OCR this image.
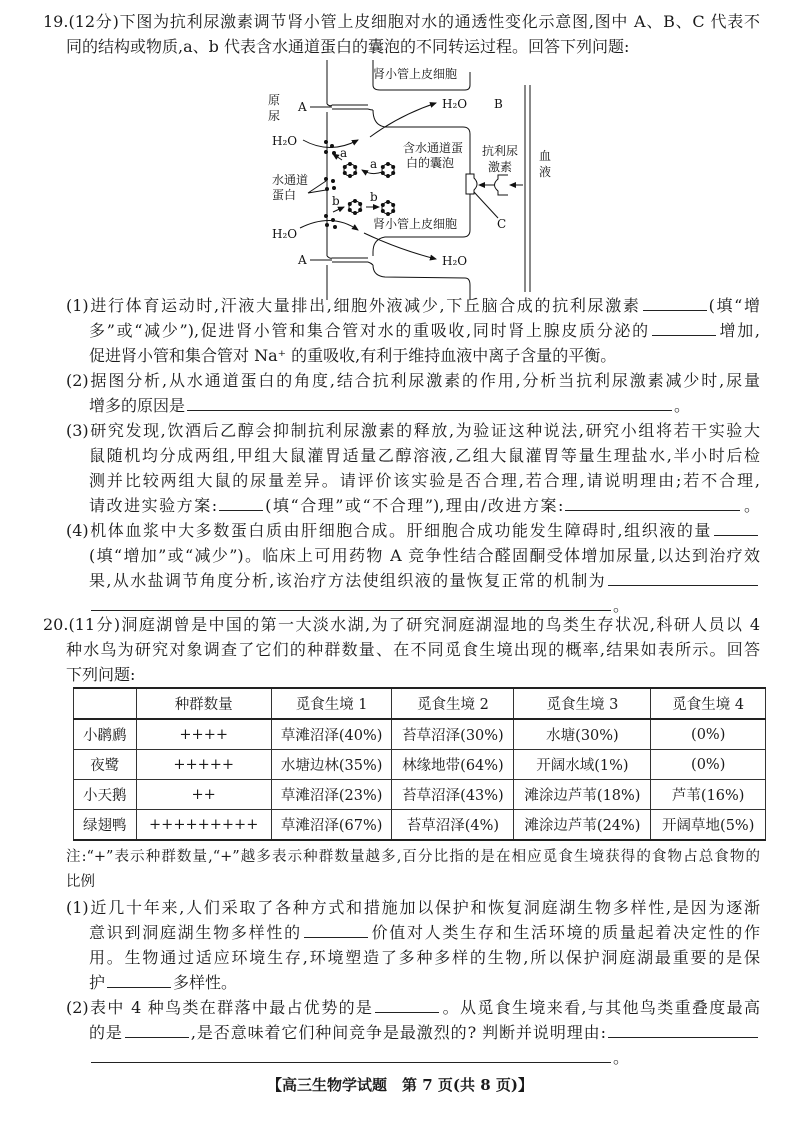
19.(12分)下图为抗利尿激素调节肾小管上皮细胞对水的通透性变化示意图,图中 A、B、C 代表不
同的结构或物质,a、b 代表含水通道蛋白的囊泡的不同转运过程。回答下列问题:
肾小管上皮细胞
原
尿
A
A
H₂O B
H₂O
a
a
含水通道蛋
白的囊泡
抗利尿
激素
血
液
水通道
蛋白	b	b
肾小管上皮细胞
H₂O
H₂O
C
(1)进行体育运动时,汗液大量排出,细胞外液减少,下丘脑合成的抗利尿激素	(填“增
多”或“减少”),促进肾小管和集合管对水的重吸收,同时肾上腺皮质分泌的	增加,
促进肾小管和集合管对 Na⁺ 的重吸收,有利于维持血液中离子含量的平衡。
(2)据图分析,从水通道蛋白的角度,结合抗利尿激素的作用,分析当抗利尿激素减少时,尿量
增多的原因是	。
(3)研究发现,饮酒后乙醇会抑制抗利尿激素的释放,为验证这种说法,研究小组将若干实验大
鼠随机均分成两组,甲组大鼠灌胃适量乙醇溶液,乙组大鼠灌胃等量生理盐水,半小时后检
测并比较两组大鼠的尿量差异。请评价该实验是否合理,若合理,请说明理由;若不合理,
请改进实验方案:	(填“合理”或“不合理”),理由/改进方案:	。
(4)机体血浆中大多数蛋白质由肝细胞合成。肝细胞合成功能发生障碍时,组织液的量
(填“增加”或“减少”)。临床上可用药物 A 竞争性结合醛固酮受体增加尿量,以达到治疗效
果,从水盐调节角度分析,该治疗方法使组织液的量恢复正常的机制为
。
20.(11分)洞庭湖曾是中国的第一大淡水湖,为了研究洞庭湖湿地的鸟类生存状况,科研人员以 4
种水鸟为研究对象调查了它们的种群数量、在不同觅食生境出现的概率,结果如表所示。回答
下列问题:
	种群数量	觅食生境 1	觅食生境 2	觅食生境 3	觅食生境 4
小䴙䴘	++++	草滩沼泽(40%)	苔草沼泽(30%)	水塘(30%)	(0%)
夜鹭	+++++	水塘边林(35%)	林缘地带(64%)	开阔水域(1%)	(0%)
小天鹅	++	草滩沼泽(23%)	苔草沼泽(43%)	滩涂边芦苇(18%)	芦苇(16%)
绿翅鸭	+++++++++	草滩沼泽(67%)	苔草沼泽(4%)	滩涂边芦苇(24%)	开阔草地(5%)
注:“+”表示种群数量,“+”越多表示种群数量越多,百分比指的是在相应觅食生境获得的食物占总食物的
比例
(1)近几十年来,人们采取了各种方式和措施加以保护和恢复洞庭湖生物多样性,是因为逐渐
意识到洞庭湖生物多样性的	价值对人类生存和生活环境的质量起着决定性的作
用。生物通过适应环境生存,环境塑造了多种多样的生物,所以保护洞庭湖最重要的是保
护	多样性。
(2)表中 4 种鸟类在群落中最占优势的是	。从觅食生境来看,与其他鸟类重叠度最高
的是	,是否意味着它们种间竞争是最激烈的? 判断并说明理由:
。
【高三生物学试题　第 7 页(共 8 页)】
